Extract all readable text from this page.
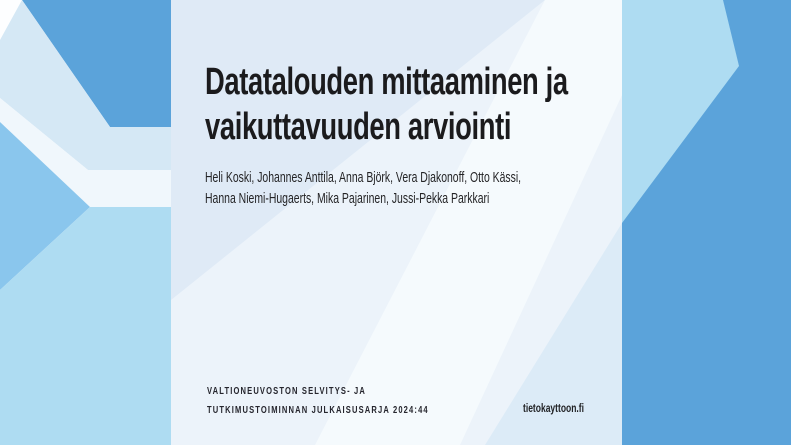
Datatalouden mittaaminen ja
vaikuttavuuden arviointi
Heli Koski, Johannes Anttila, Anna Björk, Vera Djakonoff, Otto Kässi,
Hanna Niemi-Hugaerts, Mika Pajarinen, Jussi-Pekka Parkkari
VALTIONEUVOSTON SELVITYS- JA
TUTKIMUSTOIMINNAN JULKAISUSARJA 2024:44	tietokayttoon.fi
